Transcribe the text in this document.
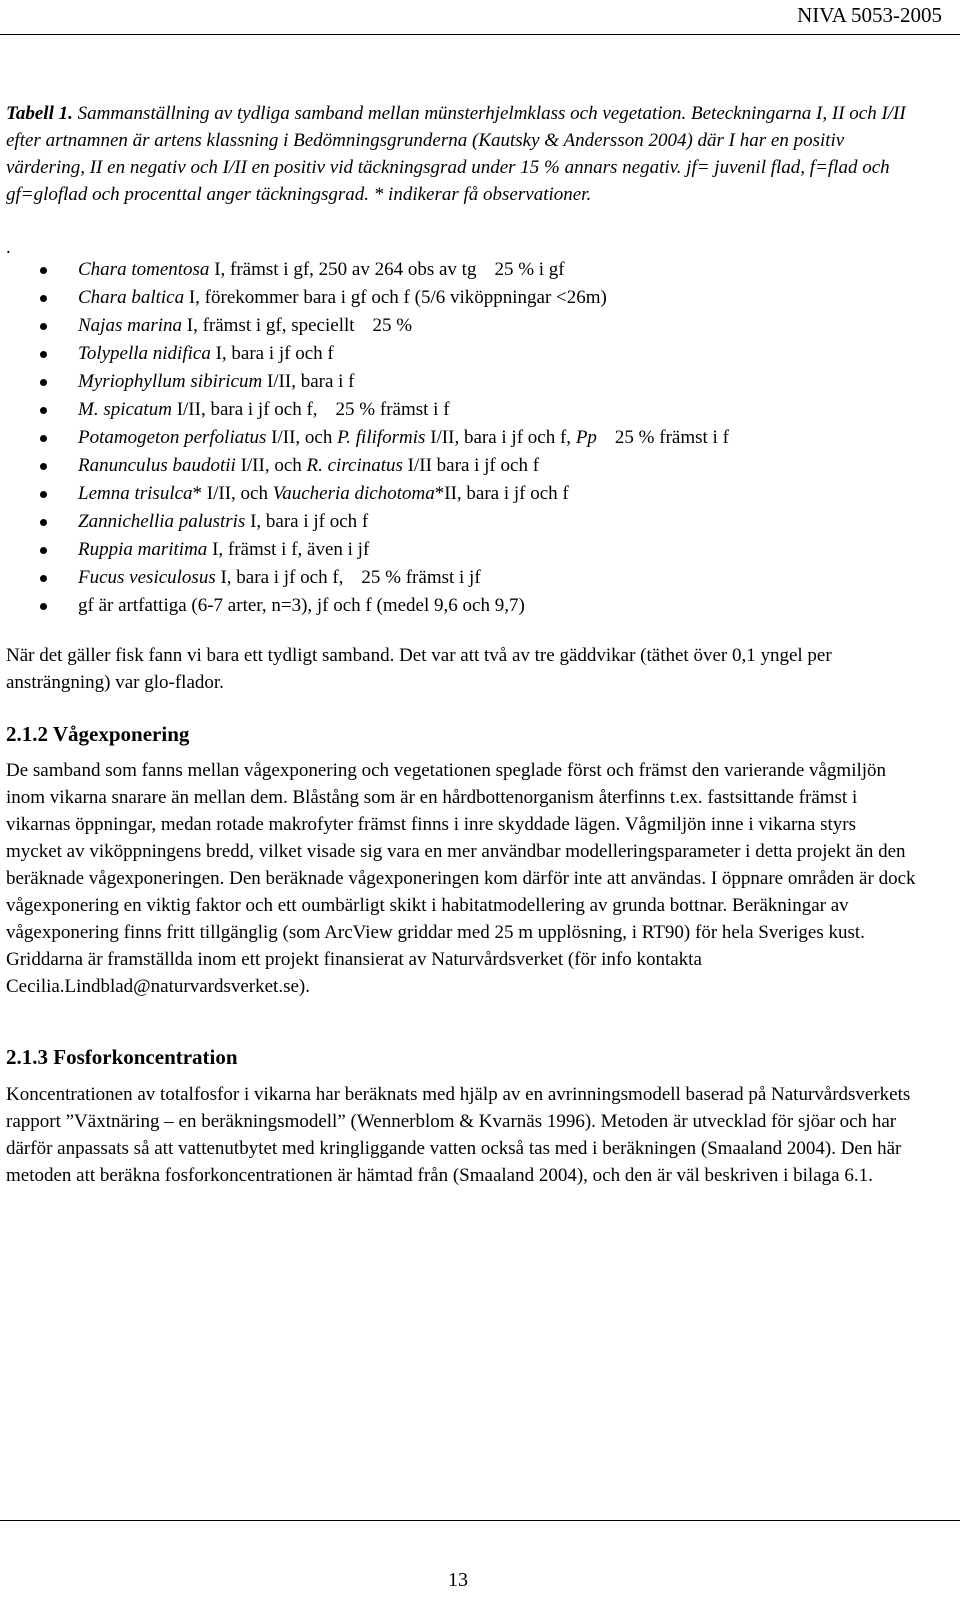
NIVA 5053-2005
Tabell 1. Sammanställning av tydliga samband mellan münsterhjelmklass och vegetation. Beteckningarna I, II och I/II efter artnamnen är artens klassning i Bedömningsgrunderna (Kautsky & Andersson 2004) där I har en positiv värdering, II en negativ och I/II en positiv vid täckningsgrad under 15 % annars negativ. jf= juvenil flad, f=flad och gf=gloflad och procenttal anger täckningsgrad. * indikerar få observationer.
.
Chara tomentosa I, främst i gf, 250 av 264 obs av tg 25 % i gf
Chara baltica I, förekommer bara i gf och f (5/6 viköppningar <26m)
Najas marina I, främst i gf, speciellt 25 %
Tolypella nidifica I, bara i jf och f
Myriophyllum sibiricum I/II, bara i f
M. spicatum I/II, bara i jf och f, 25 % främst i f
Potamogeton perfoliatus I/II, och P. filiformis I/II, bara i jf och f, Pp 25 % främst i f
Ranunculus baudotii I/II, och R. circinatus I/II bara i jf och f
Lemna trisulca* I/II, och Vaucheria dichotoma*II, bara i jf och f
Zannichellia palustris I, bara i jf och f
Ruppia maritima I, främst i f, även i jf
Fucus vesiculosus I, bara i jf och f, 25 % främst i jf
gf är artfattiga (6-7 arter, n=3), jf och f (medel 9,6 och 9,7)

När det gäller fisk fann vi bara ett tydligt samband. Det var att två av tre gäddvikar (täthet över 0,1 yngel per ansträngning) var glo-flador.

2.1.2 Vågexponering

De samband som fanns mellan vågexponering och vegetationen speglade först och främst den varierande vågmiljön inom vikarna snarare än mellan dem. Blåstång som är en hårdbottenorganism återfinns t.ex. fastsittande främst i vikarnas öppningar, medan rotade makrofyter främst finns i inre skyddade lägen. Vågmiljön inne i vikarna styrs mycket av viköppningens bredd, vilket visade sig vara en mer användbar modelleringsparameter i detta projekt än den beräknade vågexponeringen. Den beräknade vågexponeringen kom därför inte att användas. I öppnare områden är dock vågexponering en viktig faktor och ett oumbärligt skikt i habitatmodellering av grunda bottnar. Beräkningar av vågexponering finns fritt tillgänglig (som ArcView griddar med 25 m upplösning, i RT90) för hela Sveriges kust. Griddarna är framställda inom ett projekt finansierat av Naturvårdsverket (för info kontakta Cecilia.Lindblad@naturvardsverket.se).

2.1.3 Fosforkoncentration

Koncentrationen av totalfosfor i vikarna har beräknats med hjälp av en avrinningsmodell baserad på Naturvårdsverkets rapport ”Växtnäring – en beräkningsmodell” (Wennerblom & Kvarnäs 1996). Metoden är utvecklad för sjöar och har därför anpassats så att vattenutbytet med kringliggande vatten också tas med i beräkningen (Smaaland 2004). Den här metoden att beräkna fosforkoncentrationen är hämtad från (Smaaland 2004), och den är väl beskriven i bilaga 6.1.

13
